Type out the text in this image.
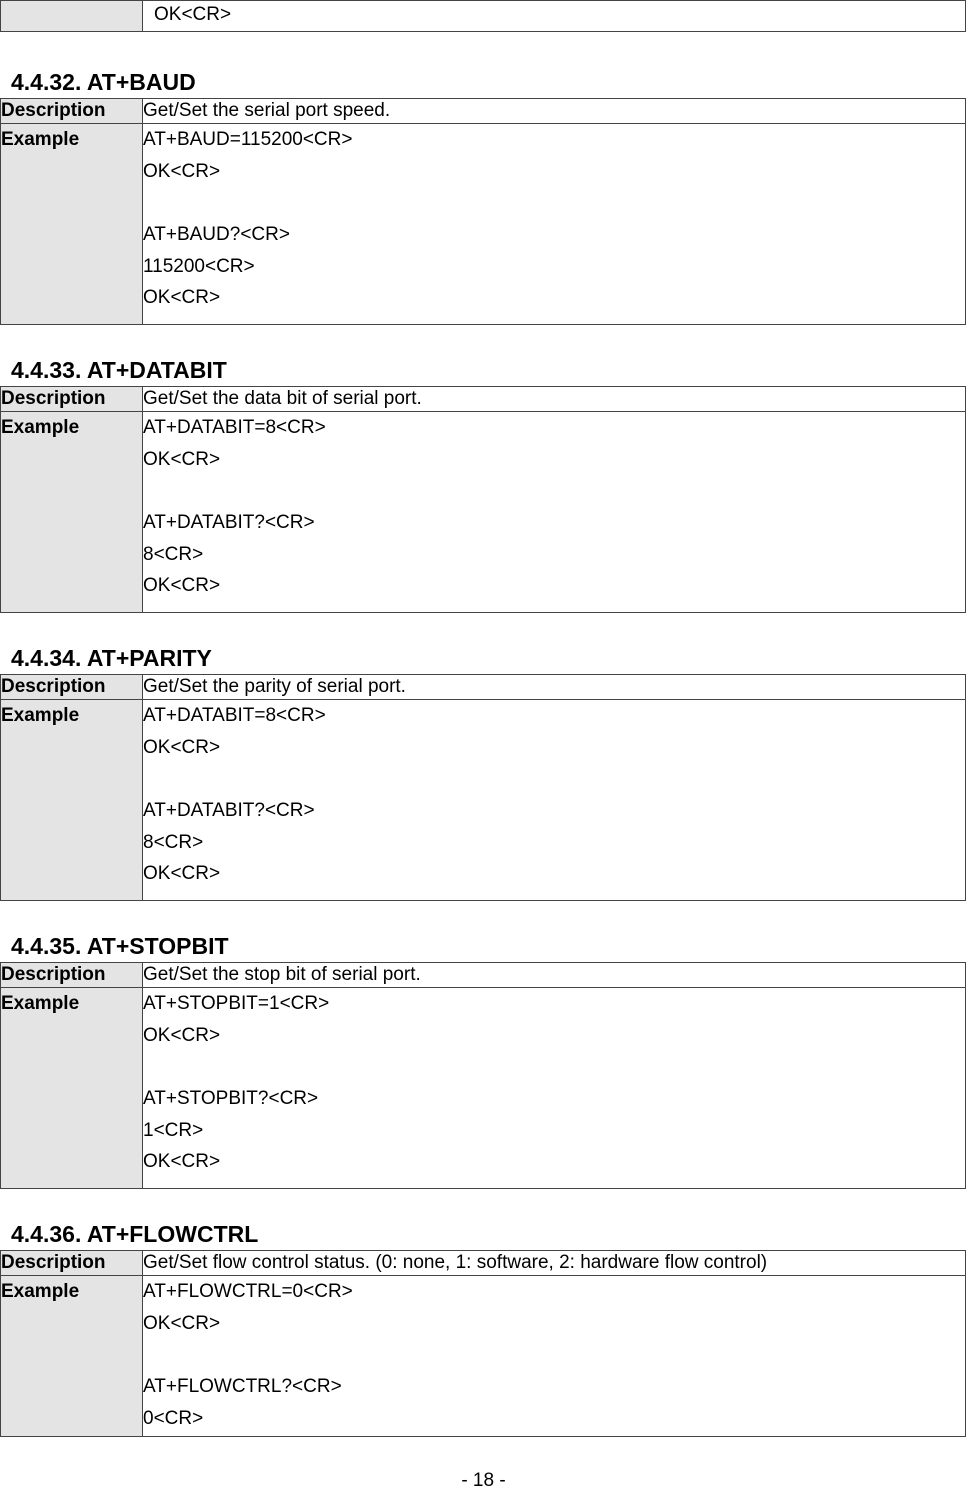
	OK<CR>
4.4.32. AT+BAUD
Description	Get/Set the serial port speed.
Example	AT+BAUD=115200<CR>
OK<CR>
AT+BAUD?<CR>
115200<CR>
OK<CR>
4.4.33. AT+DATABIT
Description	Get/Set the data bit of serial port.
Example	AT+DATABIT=8<CR>
OK<CR>
AT+DATABIT?<CR>
8<CR>
OK<CR>
4.4.34. AT+PARITY
Description	Get/Set the parity of serial port.
Example	AT+DATABIT=8<CR>
OK<CR>
AT+DATABIT?<CR>
8<CR>
OK<CR>
4.4.35. AT+STOPBIT
Description	Get/Set the stop bit of serial port.
Example	AT+STOPBIT=1<CR>
OK<CR>
AT+STOPBIT?<CR>
1<CR>
OK<CR>
4.4.36. AT+FLOWCTRL
Description	Get/Set flow control status. (0: none, 1: software, 2: hardware flow control)
Example	AT+FLOWCTRL=0<CR>
OK<CR>
AT+FLOWCTRL?<CR>
0<CR>
- 18 -
